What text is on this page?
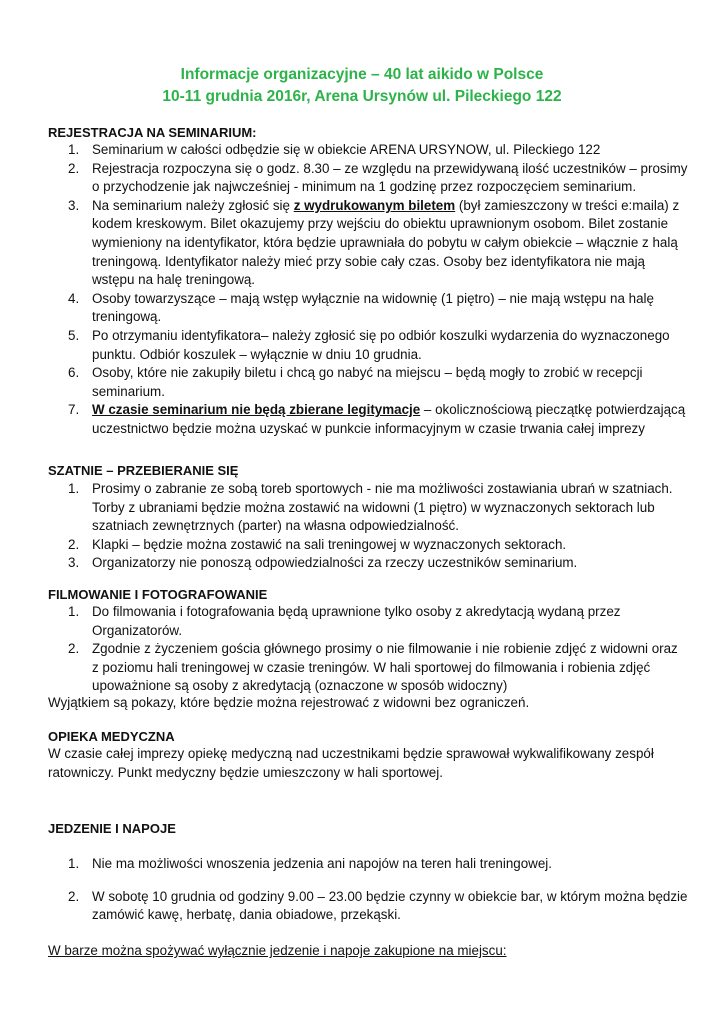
Informacje organizacyjne – 40 lat aikido w Polsce
10-11 grudnia 2016r, Arena Ursynów ul. Pileckiego 122
REJESTRACJA NA SEMINARIUM:
1. Seminarium w całości odbędzie się w obiekcie ARENA URSYNOW, ul. Pileckiego 122
2. Rejestracja rozpoczyna się o godz. 8.30 – ze względu na przewidywaną ilość uczestników – prosimy o przychodzenie jak najwcześniej - minimum na 1 godzinę przez rozpoczęciem seminarium.
3. Na seminarium należy zgłosić się z wydrukowanym biletem (był zamieszczony w treści e:maila) z kodem kreskowym. Bilet okazujemy przy wejściu do obiektu uprawnionym osobom. Bilet zostanie wymieniony na identyfikator, która będzie uprawniała do pobytu w całym obiekcie – włącznie z halą treningową. Identyfikator należy mieć przy sobie cały czas. Osoby bez identyfikatora nie mają wstępu na halę treningową.
4. Osoby towarzyszące – mają wstęp wyłącznie na widownię (1 piętro) – nie mają wstępu na halę treningową.
5. Po otrzymaniu identyfikatora– należy zgłosić się po odbiór koszulki wydarzenia do wyznaczonego punktu. Odbiór koszulek – wyłącznie w dniu 10 grudnia.
6. Osoby, które nie zakupiły biletu i chcą go nabyć na miejscu – będą mogły to zrobić w recepcji seminarium.
7. W czasie seminarium nie będą zbierane legitymacje – okolicznościową pieczątkę potwierdzającą uczestnictwo będzie można uzyskać w punkcie informacyjnym w czasie trwania całej imprezy
SZATNIE – PRZEBIERANIE SIĘ
1. Prosimy o zabranie ze sobą toreb sportowych - nie ma możliwości zostawiania ubrań w szatniach. Torby z ubraniami będzie można zostawić na widowni (1 piętro) w wyznaczonych sektorach lub szatniach zewnętrznych (parter) na własna odpowiedzialność.
2. Klapki – będzie można zostawić na sali treningowej w wyznaczonych sektorach.
3. Organizatorzy nie ponoszą odpowiedzialności za rzeczy uczestników seminarium.
FILMOWANIE I FOTOGRAFOWANIE
1. Do filmowania i fotografowania będą uprawnione tylko osoby z akredytacją wydaną przez Organizatorów.
2. Zgodnie z życzeniem gościa głównego prosimy o nie filmowanie i nie robienie zdjęć z widowni oraz z poziomu hali treningowej w czasie treningów. W hali sportowej do filmowania i robienia zdjęć upoważnione są osoby z akredytacją (oznaczone w sposób widoczny)
Wyjątkiem są pokazy, które będzie można rejestrować z widowni bez ograniczeń.
OPIEKA MEDYCZNA
W czasie całej imprezy opiekę medyczną nad uczestnikami będzie sprawował wykwalifikowany zespół ratowniczy. Punkt medyczny będzie umieszczony w hali sportowej.
JEDZENIE I NAPOJE
1. Nie ma możliwości wnoszenia jedzenia ani napojów na teren hali treningowej.
2. W sobotę 10 grudnia od godziny 9.00 – 23.00 będzie czynny w obiekcie bar, w którym można będzie zamówić kawę, herbatę, dania obiadowe, przekąski.
W barze można spożywać wyłącznie jedzenie i napoje zakupione na miejscu:
